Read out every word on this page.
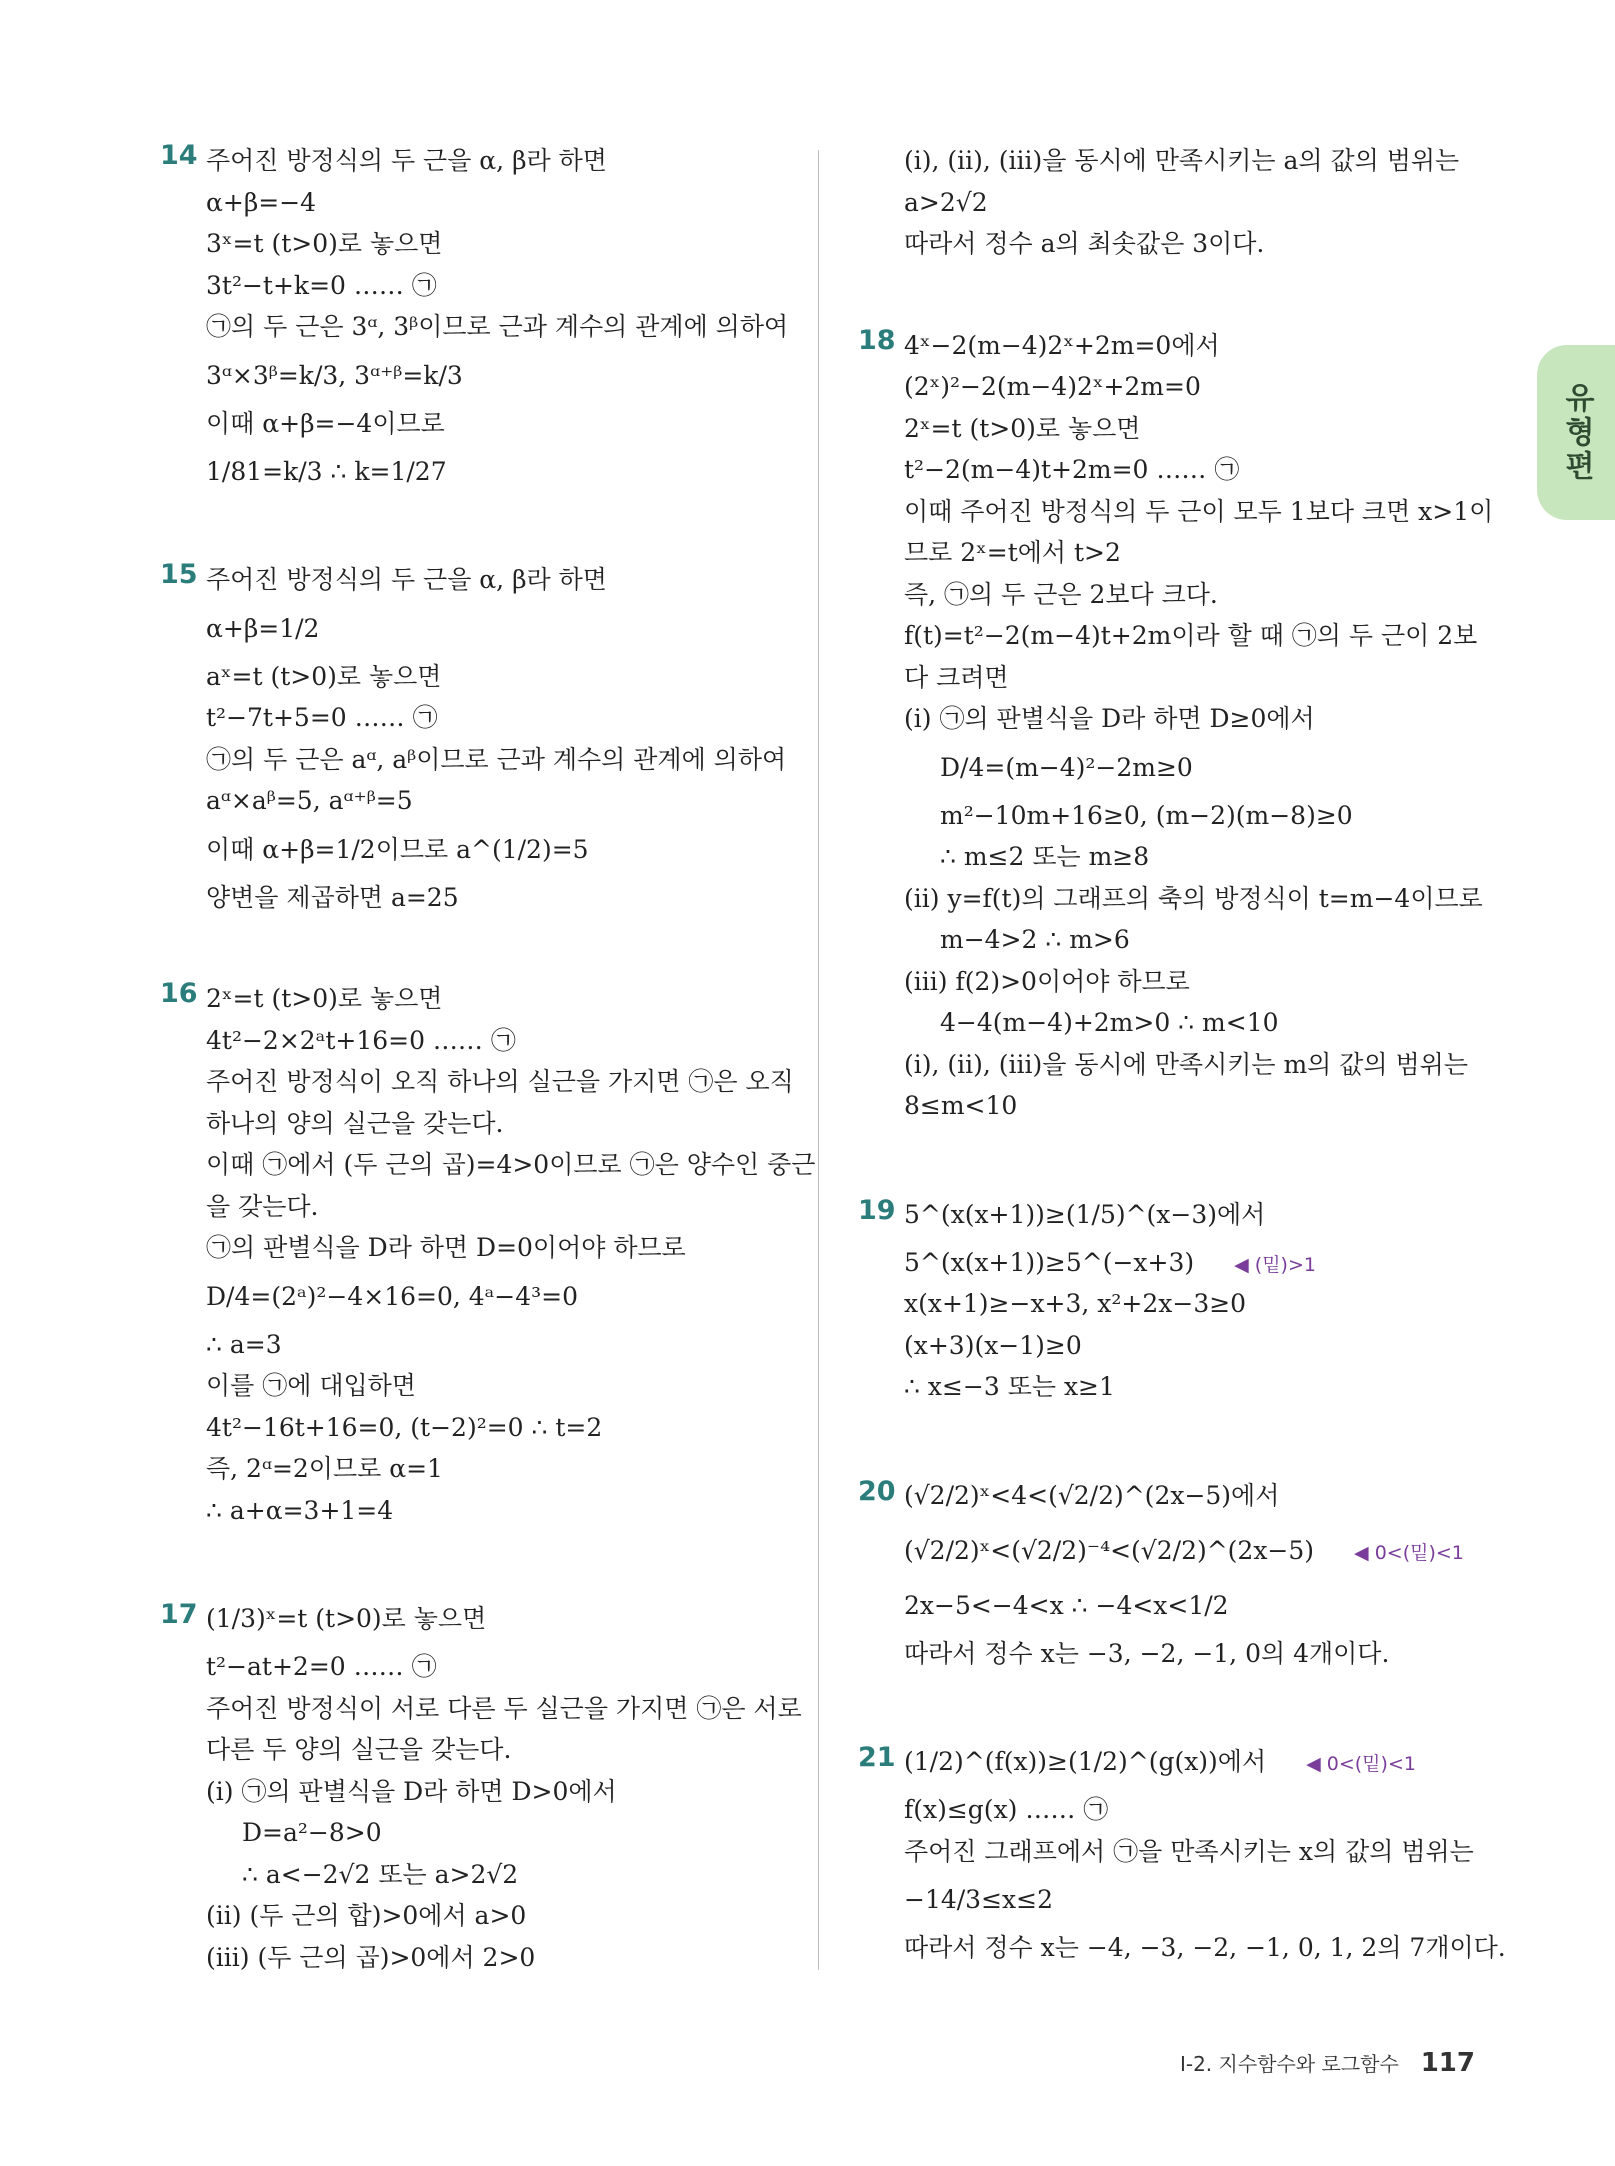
14 주어진 방정식의 두 근을 α, β라 하면
α+β=−4
3ˣ=t (t>0)로 놓으면
3t²−t+k=0 …… ㉠
㉠의 두 근은 3ᵅ, 3ᵝ이므로 근과 계수의 관계에 의하여
3ᵅ×3ᵝ=k/3, 3ᵅ⁺ᵝ=k/3
이때 α+β=−4이므로
1/81=k/3 ∴ k=1/27
15 주어진 방정식의 두 근을 α, β라 하면
α+β=1/2
aˣ=t (t>0)로 놓으면
t²−7t+5=0 …… ㉠
㉠의 두 근은 aᵅ, aᵝ이므로 근과 계수의 관계에 의하여
aᵅ×aᵝ=5, aᵅ⁺ᵝ=5
이때 α+β=1/2이므로 a^(1/2)=5
양변을 제곱하면 a=25
16 2ˣ=t (t>0)로 놓으면
4t²−2×2ᵃt+16=0 …… ㉠
주어진 방정식이 오직 하나의 실근을 가지면 ㉠은 오직
하나의 양의 실근을 갖는다.
이때 ㉠에서 (두 근의 곱)=4>0이므로 ㉠은 양수인 중근
을 갖는다.
㉠의 판별식을 D라 하면 D=0이어야 하므로
D/4=(2ᵃ)²−4×16=0, 4ᵃ−4³=0
∴ a=3
이를 ㉠에 대입하면
4t²−16t+16=0, (t−2)²=0 ∴ t=2
즉, 2ᵅ=2이므로 α=1
∴ a+α=3+1=4
17 (1/3)ˣ=t (t>0)로 놓으면
t²−at+2=0 …… ㉠
주어진 방정식이 서로 다른 두 실근을 가지면 ㉠은 서로
다른 두 양의 실근을 갖는다.
(ⅰ) ㉠의 판별식을 D라 하면 D>0에서
D=a²−8>0
∴ a<−2√2 또는 a>2√2
(ⅱ) (두 근의 합)>0에서 a>0
(ⅲ) (두 근의 곱)>0에서 2>0
(ⅰ), (ⅱ), (ⅲ)을 동시에 만족시키는 a의 값의 범위는
a>2√2
따라서 정수 a의 최솟값은 3이다.
18 4ˣ−2(m−4)2ˣ+2m=0에서
(2ˣ)²−2(m−4)2ˣ+2m=0
2ˣ=t (t>0)로 놓으면
t²−2(m−4)t+2m=0 …… ㉠
이때 주어진 방정식의 두 근이 모두 1보다 크면 x>1이
므로 2ˣ=t에서 t>2
즉, ㉠의 두 근은 2보다 크다.
f(t)=t²−2(m−4)t+2m이라 할 때 ㉠의 두 근이 2보
다 크려면
(ⅰ) ㉠의 판별식을 D라 하면 D≥0에서
D/4=(m−4)²−2m≥0
m²−10m+16≥0, (m−2)(m−8)≥0
∴ m≤2 또는 m≥8
(ⅱ) y=f(t)의 그래프의 축의 방정식이 t=m−4이므로
m−4>2 ∴ m>6
(ⅲ) f(2)>0이어야 하므로
4−4(m−4)+2m>0 ∴ m<10
(ⅰ), (ⅱ), (ⅲ)을 동시에 만족시키는 m의 값의 범위는
8≤m<10
19 5^(x(x+1))≥(1/5)^(x−3)에서
5^(x(x+1))≥5^(−x+3) ◀ (밑)>1
x(x+1)≥−x+3, x²+2x−3≥0
(x+3)(x−1)≥0
∴ x≤−3 또는 x≥1
20 (√2/2)ˣ<4<(√2/2)^(2x−5)에서
(√2/2)ˣ<(√2/2)⁻⁴<(√2/2)^(2x−5) ◀ 0<(밑)<1
2x−5<−4<x ∴ −4<x<1/2
따라서 정수 x는 −3, −2, −1, 0의 4개이다.
21 (1/2)^(f(x))≥(1/2)^(g(x))에서 ◀ 0<(밑)<1
f(x)≤g(x) …… ㉠
주어진 그래프에서 ㉠을 만족시키는 x의 값의 범위는
−14/3≤x≤2
따라서 정수 x는 −4, −3, −2, −1, 0, 1, 2의 7개이다.
유형편
Ⅰ-2. 지수함수와 로그함수 117
